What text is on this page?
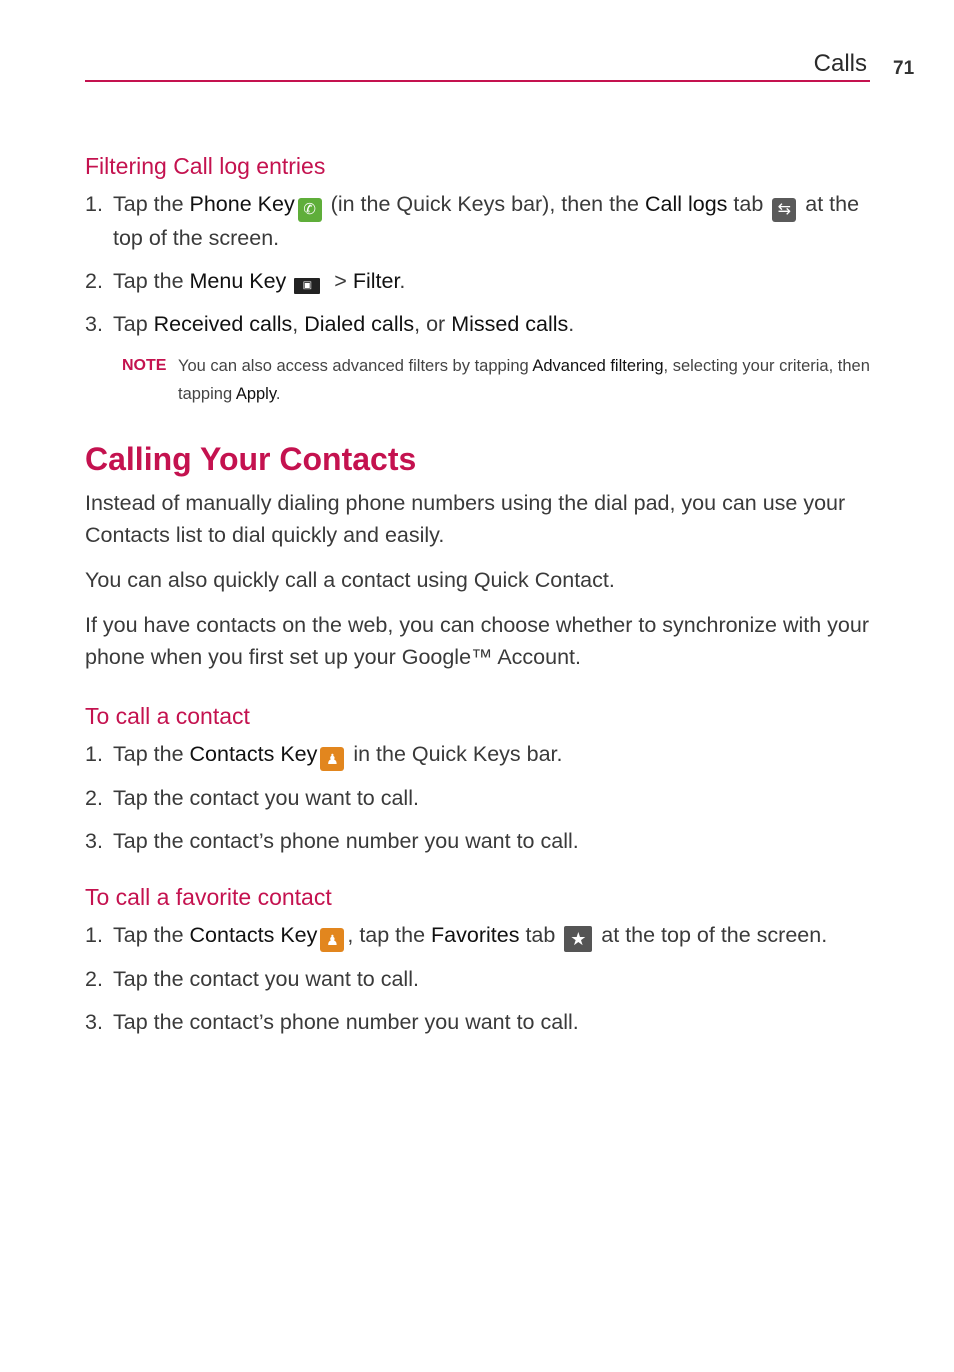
Calls 71
Filtering Call log entries
1. Tap the Phone Key ✆ (in the Quick Keys bar), then the Call logs tab ⇆ at the top of the screen.
2. Tap the Menu Key ▣ > Filter.
3. Tap Received calls, Dialed calls, or Missed calls.
NOTE You can also access advanced filters by tapping Advanced filtering, selecting your criteria, then tapping Apply.
Calling Your Contacts
Instead of manually dialing phone numbers using the dial pad, you can use your Contacts list to dial quickly and easily.
You can also quickly call a contact using Quick Contact.
If you have contacts on the web, you can choose whether to synchronize with your phone when you first set up your Google™ Account.
To call a contact
1. Tap the Contacts Key ♟ in the Quick Keys bar.
2. Tap the contact you want to call.
3. Tap the contact’s phone number you want to call.
To call a favorite contact
1. Tap the Contacts Key ♟ , tap the Favorites tab ★ at the top of the screen.
2. Tap the contact you want to call.
3. Tap the contact’s phone number you want to call.
